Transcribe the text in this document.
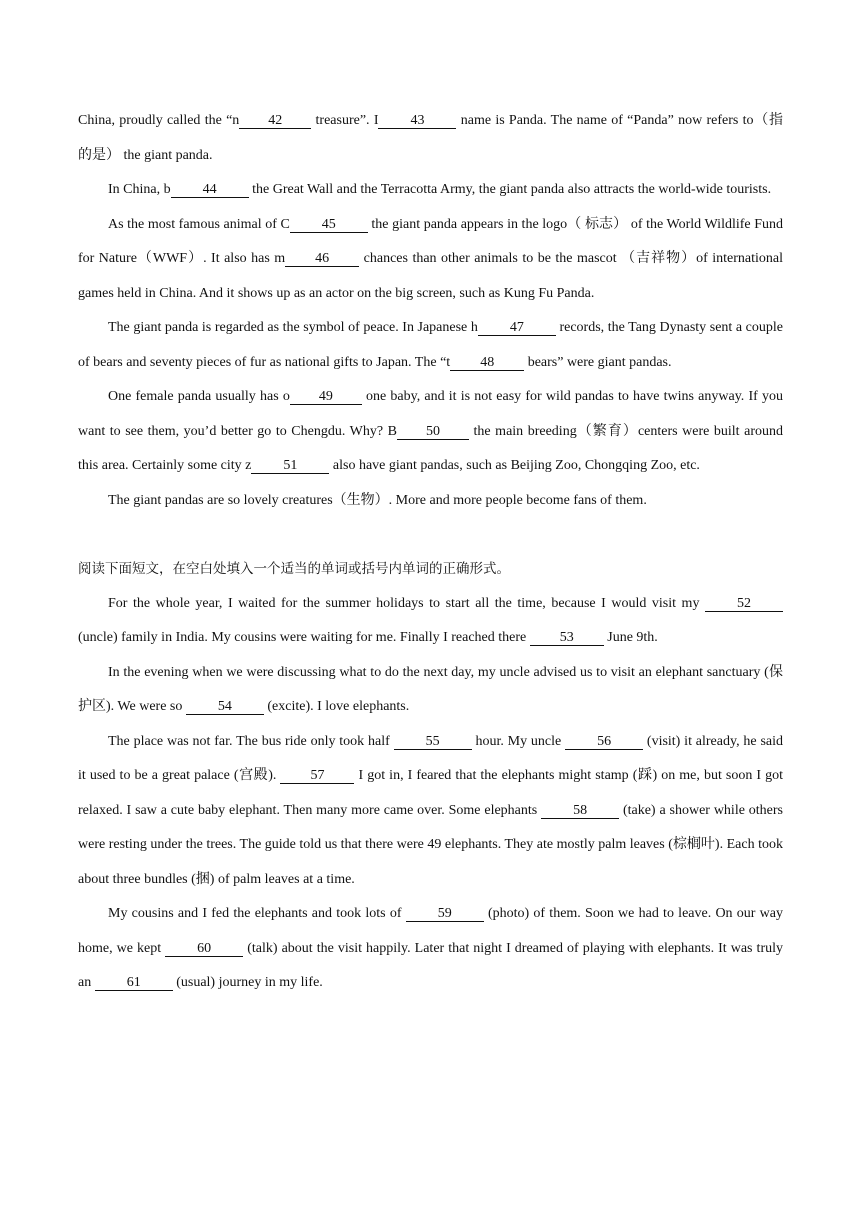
China, proudly called the “n 42 treasure”. I 43 name is Panda. The name of “Panda” now refers to（指的是） the giant panda.

In China, b 44 the Great Wall and the Terracotta Army, the giant panda also attracts the world-wide tourists.

As the most famous animal of C 45 the giant panda appears in the logo（ 标志） of the World Wildlife Fund for Nature（WWF）. It also has m 46 chances than other animals to be the mascot （吉祥物）of international games held in China. And it shows up as an actor on the big screen, such as Kung Fu Panda.

The giant panda is regarded as the symbol of peace. In Japanese h 47 records, the Tang Dynasty sent a couple of bears and seventy pieces of fur as national gifts to Japan. The “t 48 bears” were giant pandas.

One female panda usually has o 49 one baby, and it is not easy for wild pandas to have twins anyway. If you want to see them, you’d better go to Chengdu. Why? B 50 the main breeding（繁育）centers were built around this area. Certainly some city z 51 also have giant pandas, such as Beijing Zoo, Chongqing Zoo, etc.

The giant pandas are so lovely creatures（生物）. More and more people become fans of them.

阅读下面短文，在空白处填入一个适当的单词或括号内单词的正确形式。

For the whole year, I waited for the summer holidays to start all the time, because I would visit my 52 (uncle) family in India. My cousins were waiting for me. Finally I reached there 53 June 9th.

In the evening when we were discussing what to do the next day, my uncle advised us to visit an elephant sanctuary (保护区). We were so 54 (excite). I love elephants.

The place was not far. The bus ride only took half 55 hour. My uncle 56 (visit) it already, he said it used to be a great palace (宫殿). 57 I got in, I feared that the elephants might stamp (踩) on me, but soon I got relaxed. I saw a cute baby elephant. Then many more came over. Some elephants 58 (take) a shower while others were resting under the trees. The guide told us that there were 49 elephants. They ate mostly palm leaves (棕榈叶). Each took about three bundles (捆) of palm leaves at a time.

My cousins and I fed the elephants and took lots of 59 (photo) of them. Soon we had to leave. On our way home, we kept 60 (talk) about the visit happily. Later that night I dreamed of playing with elephants. It was truly an 61 (usual) journey in my life.
